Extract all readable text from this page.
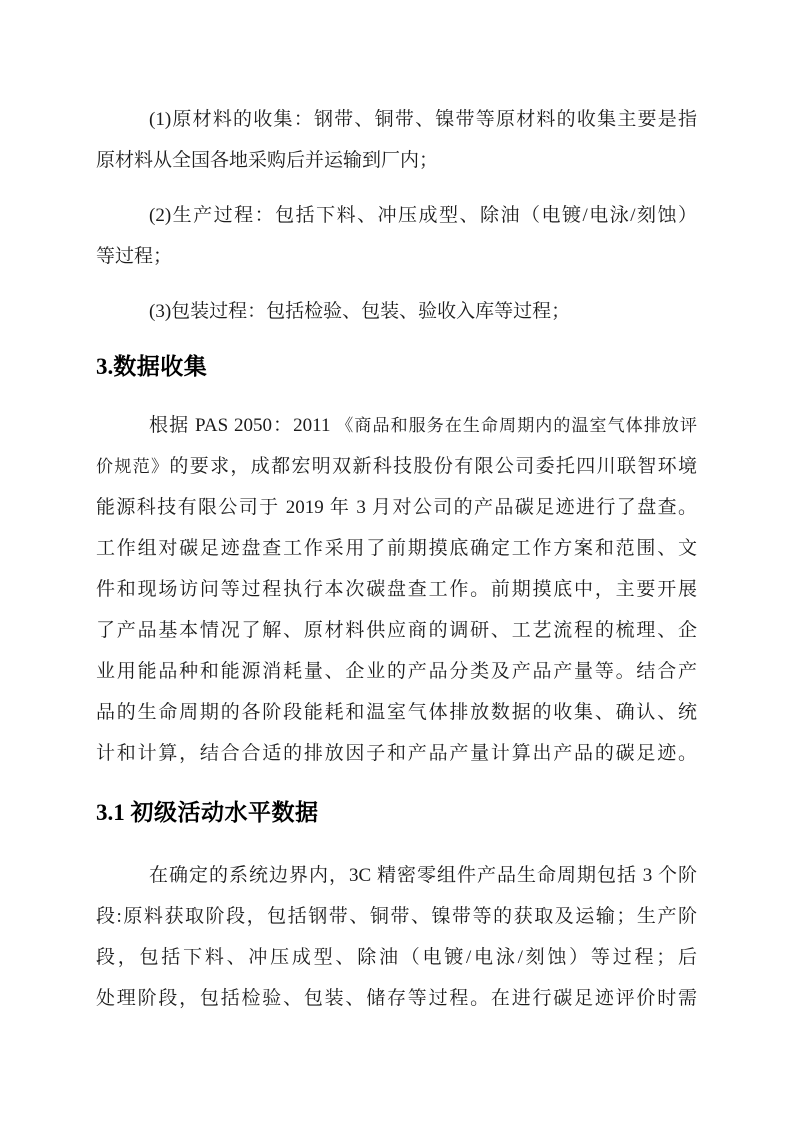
(1)原材料的收集：钢带、铜带、镍带等原材料的收集主要是指
原材料从全国各地采购后并运输到厂内；
(2)生产过程：包括下料、冲压成型、除油（电镀/电泳/刻蚀）
等过程；
(3)包装过程：包括检验、包装、验收入库等过程；
3.数据收集
根据 PAS 2050：2011 《商品和服务在生命周期内的温室气体排放评
价规范》的要求，成都宏明双新科技股份有限公司委托四川联智环境
能源科技有限公司于 2019 年 3 月对公司的产品碳足迹进行了盘查。
工作组对碳足迹盘查工作采用了前期摸底确定工作方案和范围、文
件和现场访问等过程执行本次碳盘查工作。前期摸底中，主要开展
了产品基本情况了解、原材料供应商的调研、工艺流程的梳理、企
业用能品种和能源消耗量、企业的产品分类及产品产量等。结合产
品的生命周期的各阶段能耗和温室气体排放数据的收集、确认、统
计和计算，结合合适的排放因子和产品产量计算出产品的碳足迹。
3.1 初级活动水平数据
在确定的系统边界内，3C 精密零组件产品生命周期包括 3 个阶
段:原料获取阶段，包括钢带、铜带、镍带等的获取及运输；生产阶
段，包括下料、冲压成型、除油（电镀/电泳/刻蚀）等过程；后
处理阶段，包括检验、包装、储存等过程。在进行碳足迹评价时需
